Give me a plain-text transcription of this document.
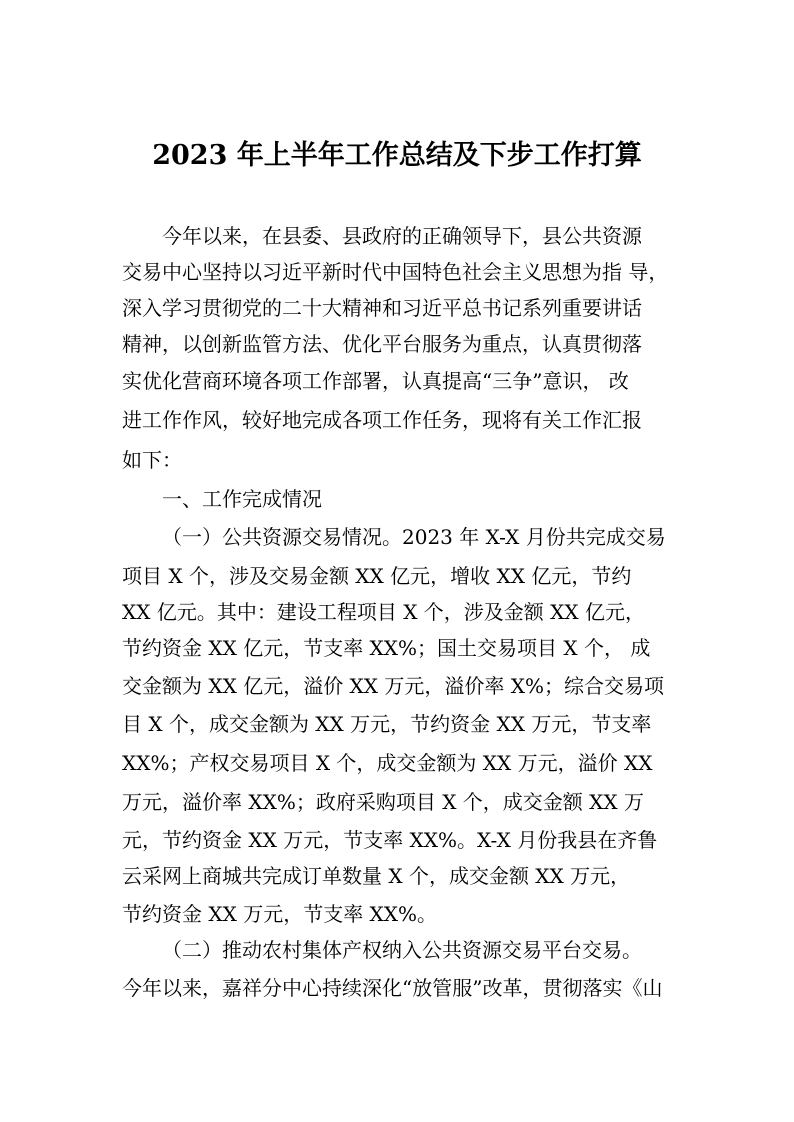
2023 年上半年工作总结及下步工作打算
今年以来，在县委、县政府的正确领导下，县公共资源
交易中心坚持以习近平新时代中国特色社会主义思想为指 导，
深入学习贯彻党的二十大精神和习近平总书记系列重要讲话
精神，以创新监管方法、优化平台服务为重点，认真贯彻落
实优化营商环境各项工作部署，认真提高“三争”意识， 改
进工作作风，较好地完成各项工作任务，现将有关工作汇报
如下：
一、工作完成情况
（一）公共资源交易情况。2023 年 X-X 月份共完成交易
项目 X 个，涉及交易金额 XX 亿元，增收 XX 亿元，节约
XX 亿元。其中：建设工程项目 X 个，涉及金额 XX 亿元，
节约资金 XX 亿元，节支率 XX%；国土交易项目 X 个， 成
交金额为 XX 亿元，溢价 XX 万元，溢价率 X%；综合交易项
目 X 个，成交金额为 XX 万元，节约资金 XX 万元，节支率
XX%；产权交易项目 X 个，成交金额为 XX 万元，溢价 XX
万元，溢价率 XX%；政府采购项目 X 个，成交金额 XX 万
元，节约资金 XX 万元，节支率 XX%。X-X 月份我县在齐鲁
云采网上商城共完成订单数量 X 个，成交金额 XX 万元，
节约资金 XX 万元，节支率 XX%。
（二）推动农村集体产权纳入公共资源交易平台交易。
今年以来，嘉祥分中心持续深化“放管服”改革，贯彻落实《山
